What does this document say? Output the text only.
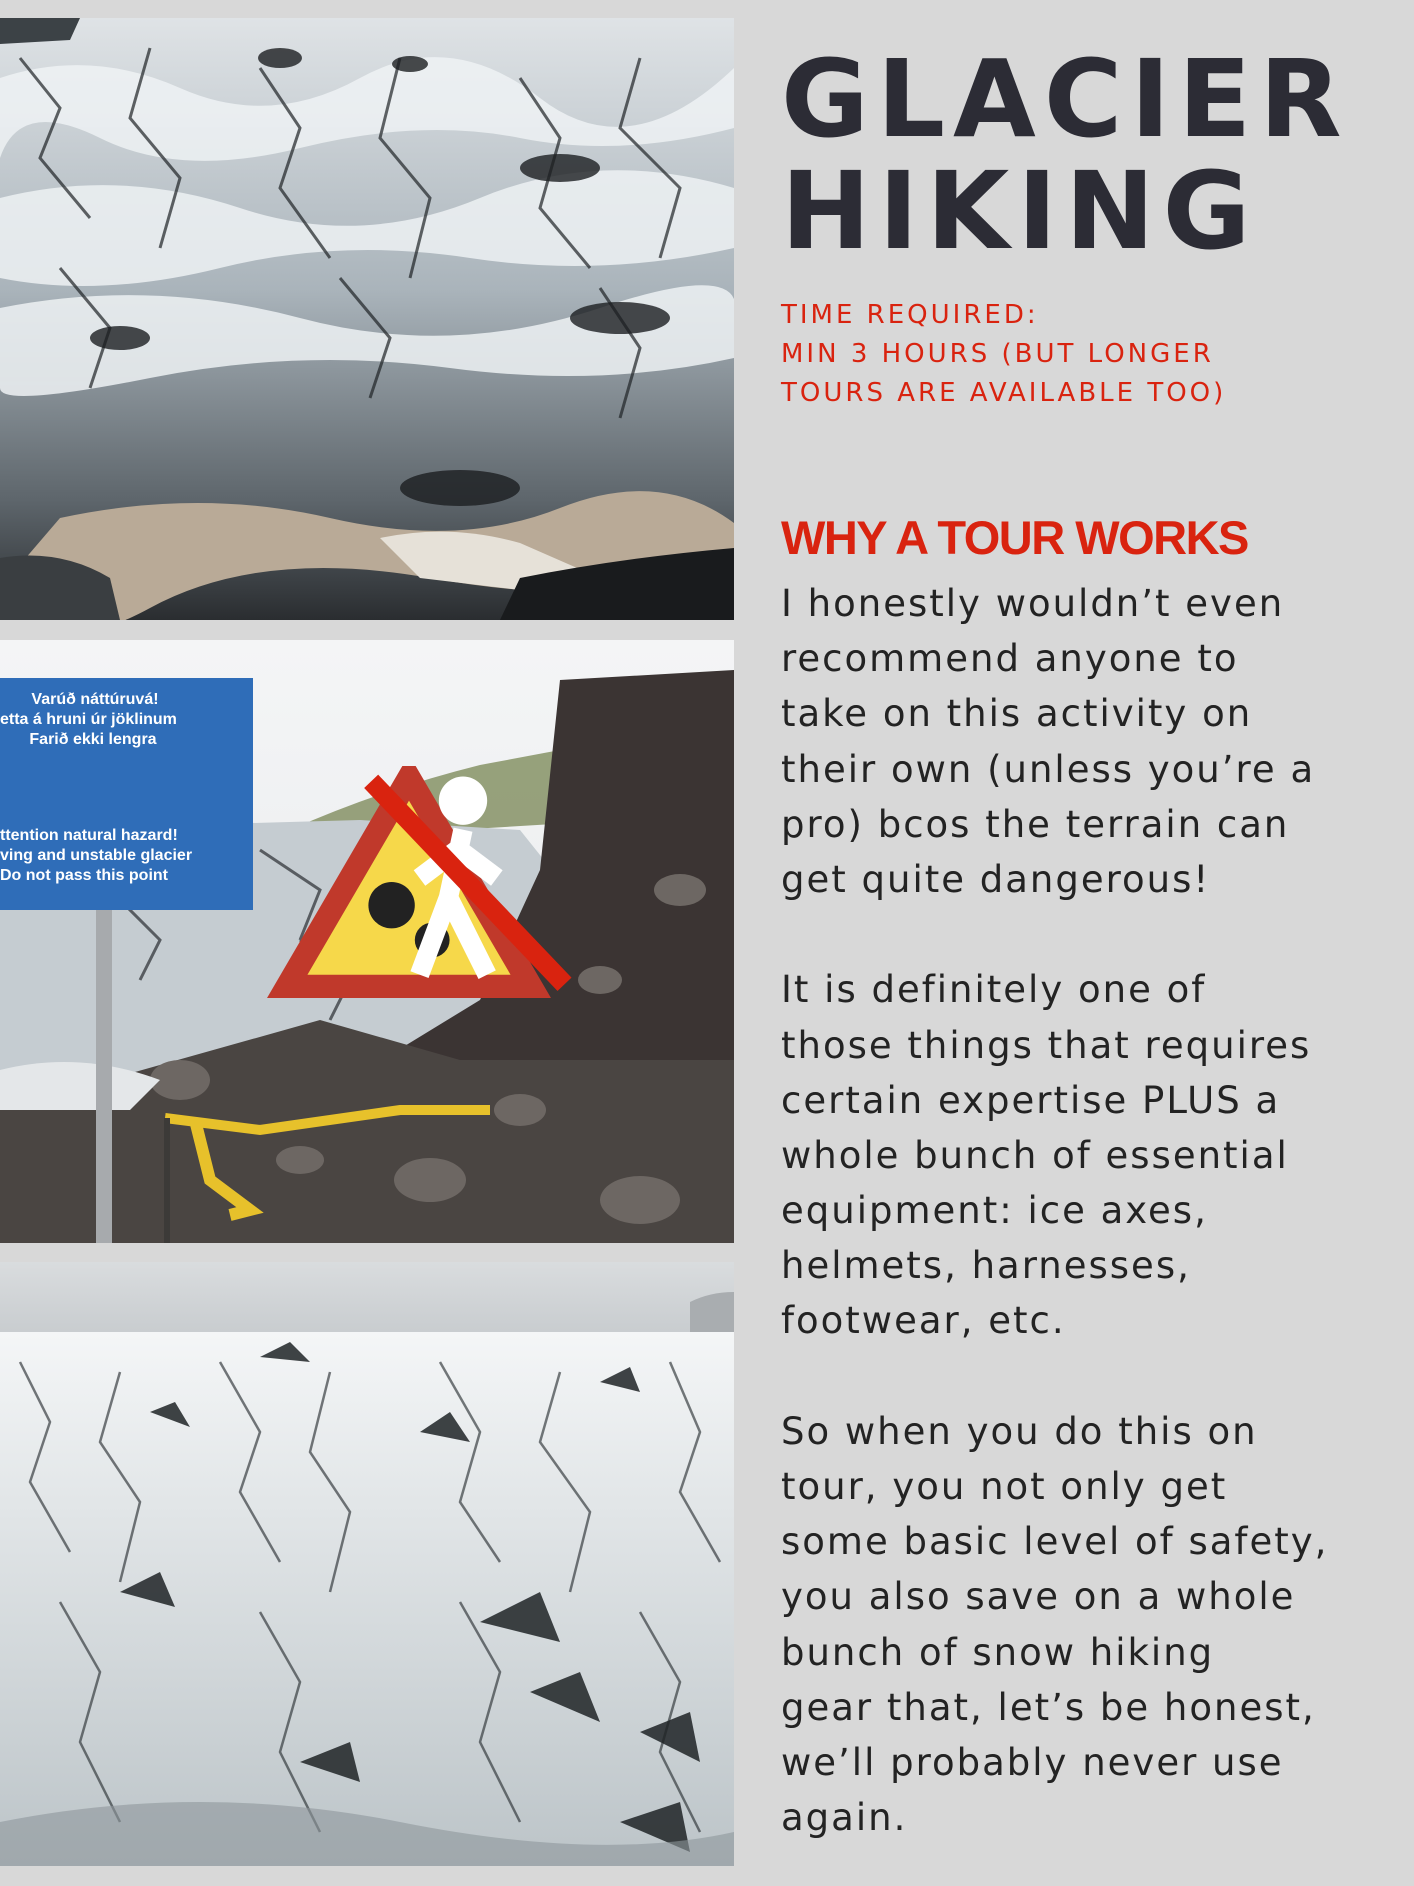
Varúð náttúruvá!
etta á hruni úr jöklinum
Farið ekki lengra
ttention natural hazard!
ving and unstable glacier
Do not pass this point
GLACIER
HIKING
TIME REQUIRED:
MIN 3 HOURS (BUT LONGER
TOURS ARE AVAILABLE TOO)
WHY A TOUR WORKS
I honestly wouldn’t even
recommend anyone to
take on this activity on
their own (unless you’re a
pro) bcos the terrain can
get quite dangerous!
It is definitely one of
those things that requires
certain expertise PLUS a
whole bunch of essential
equipment: ice axes,
helmets, harnesses,
footwear, etc.
So when you do this on
tour, you not only get
some basic level of safety,
you also save on a whole
bunch of snow hiking
gear that, let’s be honest,
we’ll probably never use
again.
